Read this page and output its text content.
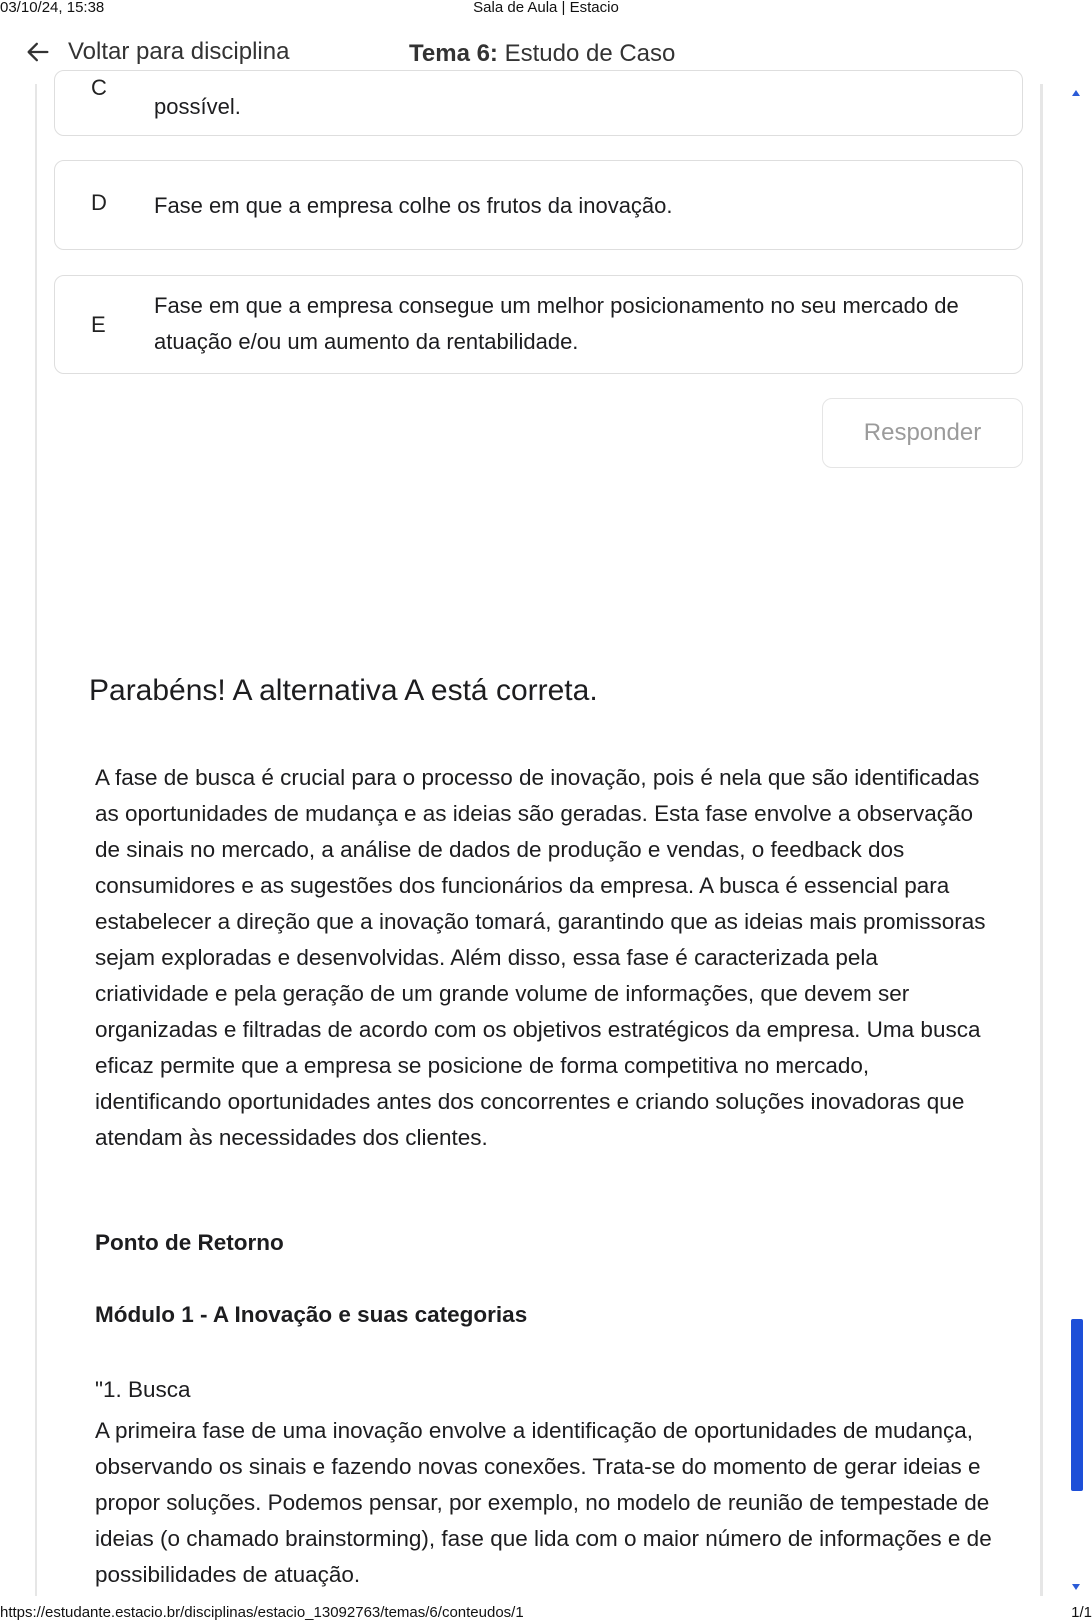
03/10/24, 15:38	Sala de Aula | Estacio
Voltar para disciplina	Tema 6: Estudo de Caso
C
possível.
D Fase em que a empresa colhe os frutos da inovação.
E
Fase em que a empresa consegue um melhor posicionamento no seu mercado de atuação e/ou um aumento da rentabilidade.
Responder
Parabéns! A alternativa A está correta.

A fase de busca é crucial para o processo de inovação, pois é nela que são identificadas as oportunidades de mudança e as ideias são geradas. Esta fase envolve a observação de sinais no mercado, a análise de dados de produção e vendas, o feedback dos consumidores e as sugestões dos funcionários da empresa. A busca é essencial para estabelecer a direção que a inovação tomará, garantindo que as ideias mais promissoras sejam exploradas e desenvolvidas. Além disso, essa fase é caracterizada pela criatividade e pela geração de um grande volume de informações, que devem ser organizadas e filtradas de acordo com os objetivos estratégicos da empresa. Uma busca eficaz permite que a empresa se posicione de forma competitiva no mercado, identificando oportunidades antes dos concorrentes e criando soluções inovadoras que atendam às necessidades dos clientes.

Ponto de Retorno
Módulo 1 - A Inovação e suas categorias
"1. Busca
A primeira fase de uma inovação envolve a identificação de oportunidades de mudança, observando os sinais e fazendo novas conexões. Trata-se do momento de gerar ideias e propor soluções. Podemos pensar, por exemplo, no modelo de reunião de tempestade de ideias (o chamado brainstorming), fase que lida com o maior número de informações e de possibilidades de atuação.
https://estudante.estacio.br/disciplinas/estacio_13092763/temas/6/conteudos/1	1/1
